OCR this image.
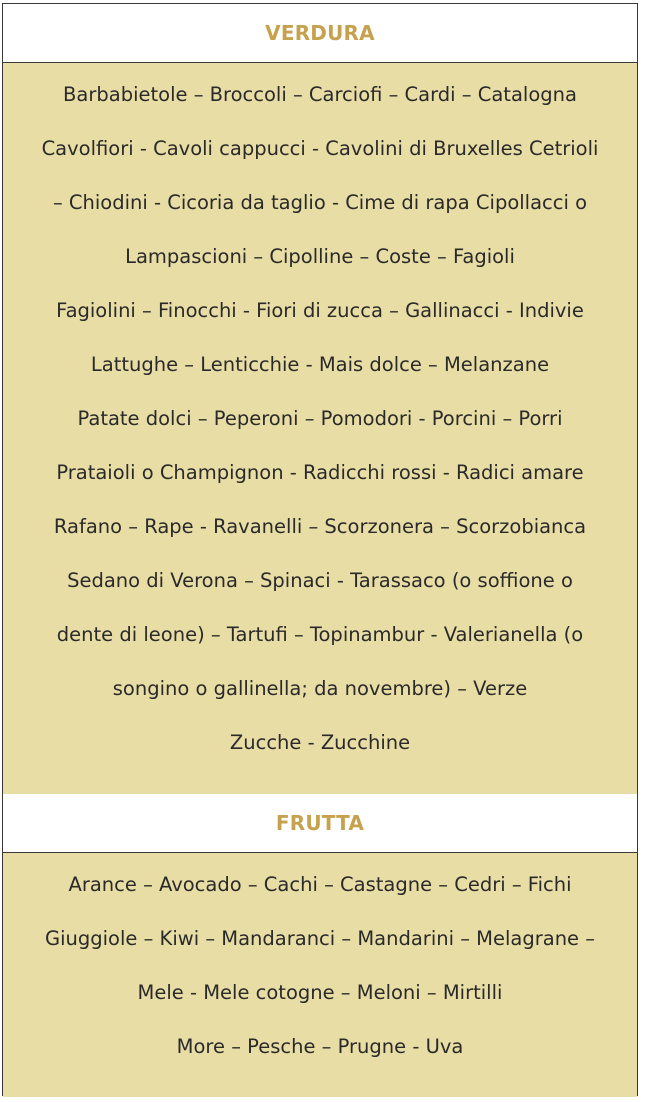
VERDURA
Barbabietole – Broccoli – Carciofi – Cardi – Catalogna
Cavolfiori - Cavoli cappucci - Cavolini di Bruxelles Cetrioli
– Chiodini - Cicoria da taglio - Cime di rapa Cipollacci o
Lampascioni – Cipolline – Coste – Fagioli
Fagiolini – Finocchi - Fiori di zucca – Gallinacci - Indivie
Lattughe – Lenticchie - Mais dolce – Melanzane
Patate dolci – Peperoni – Pomodori - Porcini – Porri
Prataioli o Champignon - Radicchi rossi - Radici amare
Rafano – Rape - Ravanelli – Scorzonera – Scorzobianca
Sedano di Verona – Spinaci - Tarassaco (o soffione o
dente di leone) – Tartufi – Topinambur - Valerianella (o
songino o gallinella; da novembre) – Verze
Zucche - Zucchine
FRUTTA
Arance – Avocado – Cachi – Castagne – Cedri – Fichi
Giuggiole – Kiwi – Mandaranci – Mandarini – Melagrane –
Mele - Mele cotogne – Meloni – Mirtilli
More – Pesche – Prugne - Uva
